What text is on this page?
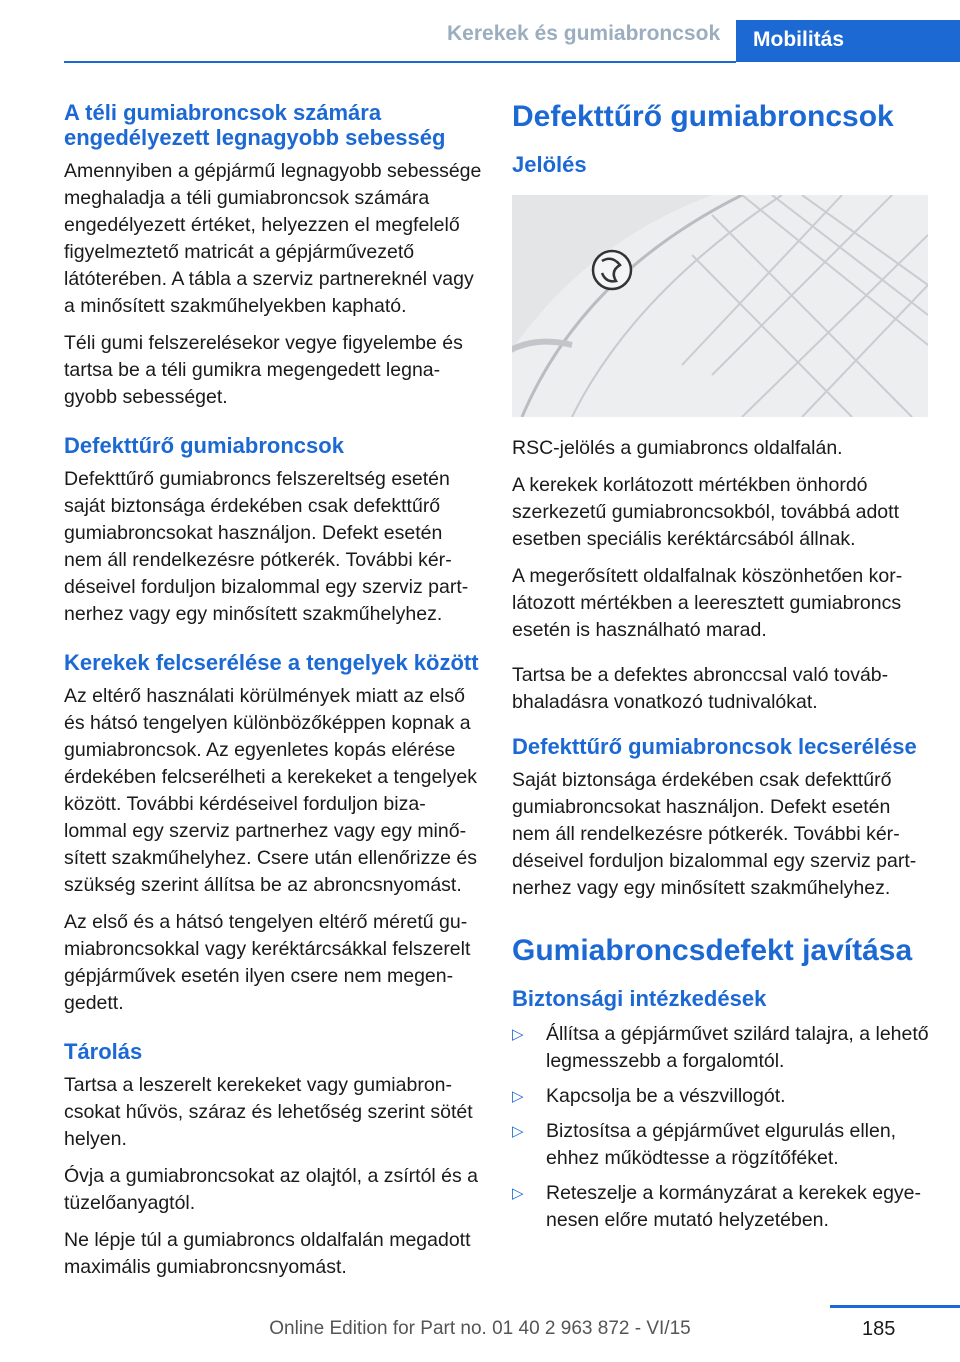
Kerekek és gumiabroncsok	Mobilitás
A téli gumiabroncsok számára engedélyezett legnagyobb sebesség

Amennyiben a gépjármű legnagyobb sebessége meghaladja a téli gumiabroncsok számára engedélyezett értéket, helyezzen el megfelelő figyelmeztető matricát a gépjárművezető látóterében. A tábla a szerviz partnereknél vagy a minősített szakműhelyekben kapható.

Téli gumi felszerelésekor vegye figyelembe és tartsa be a téli gumikra megengedett legnagyobb sebességet.

Defekttűrő gumiabroncsok

Defekttűrő gumiabroncs felszereltség esetén saját biztonsága érdekében csak defekttűrő gumiabroncsokat használjon. Defekt esetén nem áll rendelkezésre pótkerék. További kérdéseivel forduljon bizalommal egy szerviz partnerhez vagy egy minősített szakműhelyhez.

Kerekek felcserélése a tengelyek között

Az eltérő használati körülmények miatt az első és hátsó tengelyen különbözőképpen kopnak a gumiabroncsok. Az egyenletes kopás elérése érdekében felcserélheti a kerekeket a tengelyek között. További kérdéseivel forduljon bizalommal egy szerviz partnerhez vagy egy minősített szakműhelyhez. Csere után ellenőrizze és szükség szerint állítsa be az abroncsnyomást.

Az első és a hátsó tengelyen eltérő méretű gumiabroncsokkal vagy keréktárcsákkal felszerelt gépjárművek esetén ilyen csere nem megengedett.

Tárolás

Tartsa a leszerelt kerekeket vagy gumiabroncsokat hűvös, száraz és lehetőség szerint sötét helyen.

Óvja a gumiabroncsokat az olajtól, a zsírtól és a tüzelőanyagtól.

Ne lépje túl a gumiabroncs oldalfalán megadott maximális gumiabroncsnyomást.

Defekttűrő gumiabroncsok
Jelölés

RSC-jelölés a gumiabroncs oldalfalán.

A kerekek korlátozott mértékben önhordó szerkezetű gumiabroncsokból, továbbá adott esetben speciális keréktárcsából állnak.

A megerősített oldalfalnak köszönhetően korlátozott mértékben a leeresztett gumiabroncs esetén is használható marad.

Tartsa be a defektes abronccsal való továbbhaladásra vonatkozó tudnivalókat.

Defekttűrő gumiabroncsok lecserélése

Saját biztonsága érdekében csak defekttűrő gumiabroncsokat használjon. Defekt esetén nem áll rendelkezésre pótkerék. További kérdéseivel forduljon bizalommal egy szerviz partnerhez vagy egy minősített szakműhelyhez.

Gumiabroncsdefekt javítása
Biztonsági intézkedések
▷ Állítsa a gépjárművet szilárd talajra, a lehető legmesszebb a forgalomtól.
▷ Kapcsolja be a vészvillogót.
▷ Biztosítsa a gépjárművet elgurulás ellen, ehhez működtesse a rögzítőféket.
▷ Reteszelje a kormányzárat a kerekek egyenesen előre mutató helyzetében.
Online Edition for Part no. 01 40 2 963 872 - VI/15	185
